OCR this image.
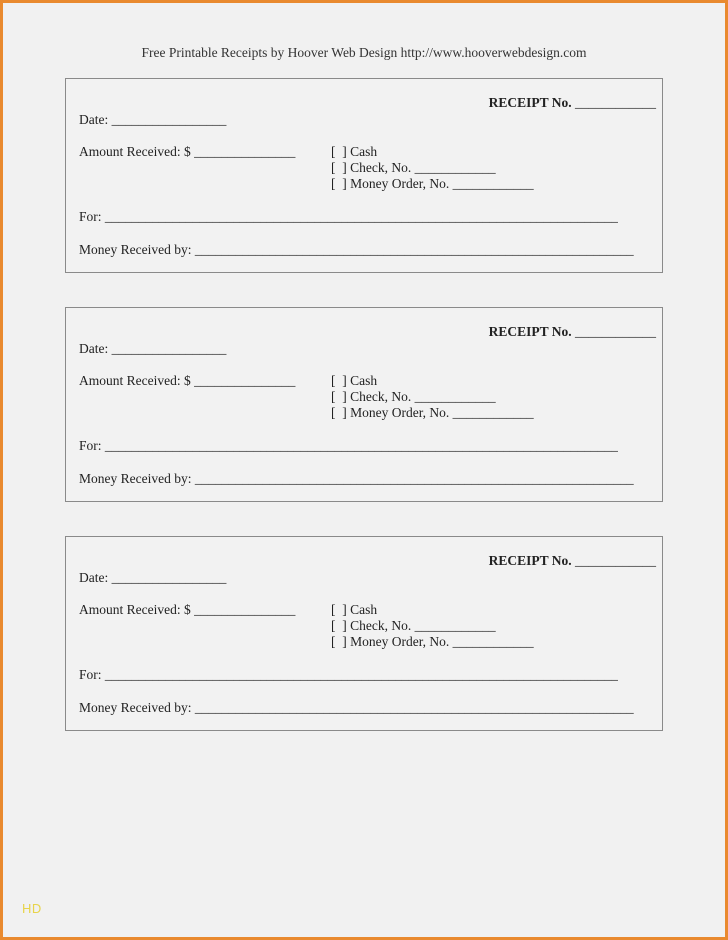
Free Printable Receipts by Hoover Web Design http://www.hooverwebdesign.com
RECEIPT No. ____________
Date: _________________
Amount Received: $ _______________	[  ] Cash
[  ] Check, No. ____________
[  ] Money Order, No. ____________
For: ____________________________________________________________________________
Money Received by: _________________________________________________________________
RECEIPT No. ____________
Date: _________________
Amount Received: $ _______________	[  ] Cash
[  ] Check, No. ____________
[  ] Money Order, No. ____________
For: ____________________________________________________________________________
Money Received by: _________________________________________________________________
RECEIPT No. ____________
Date: _________________
Amount Received: $ _______________	[  ] Cash
[  ] Check, No. ____________
[  ] Money Order, No. ____________
For: ____________________________________________________________________________
Money Received by: _________________________________________________________________
HD
